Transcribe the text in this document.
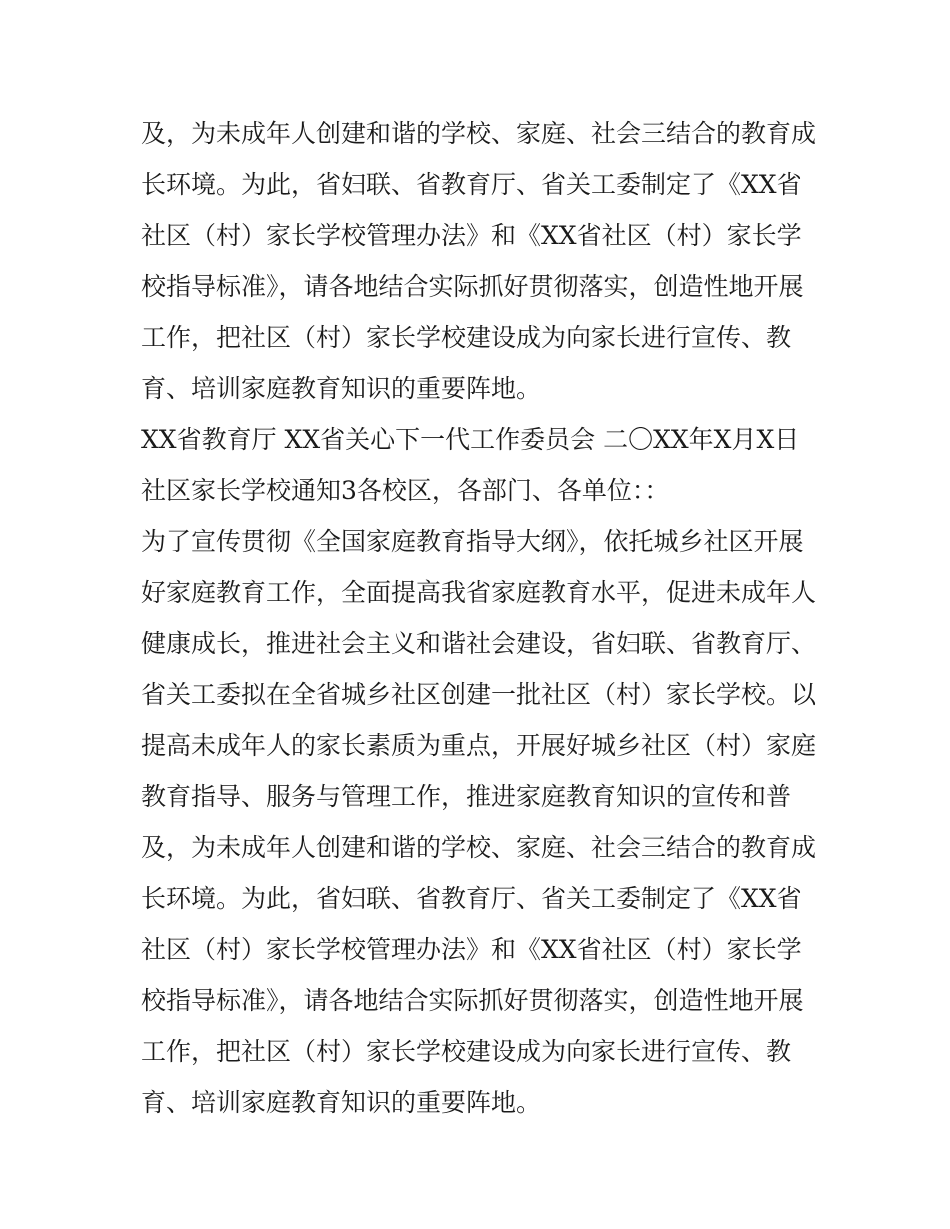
及，为未成年人创建和谐的学校、家庭、社会三结合的教育成
长环境。为此，省妇联、省教育厅、省关工委制定了《XX省
社区（村）家长学校管理办法》和《XX省社区（村）家长学
校指导标准》，请各地结合实际抓好贯彻落实，创造性地开展
工作，把社区（村）家长学校建设成为向家长进行宣传、教
育、培训家庭教育知识的重要阵地。
XX省教育厅 XX省关心下一代工作委员会 二〇XX年X月X日
社区家长学校通知3各校区，各部门、各单位：：
为了宣传贯彻《全国家庭教育指导大纲》，依托城乡社区开展
好家庭教育工作，全面提高我省家庭教育水平，促进未成年人
健康成长，推进社会主义和谐社会建设，省妇联、省教育厅、
省关工委拟在全省城乡社区创建一批社区（村）家长学校。以
提高未成年人的家长素质为重点，开展好城乡社区（村）家庭
教育指导、服务与管理工作，推进家庭教育知识的宣传和普
及，为未成年人创建和谐的学校、家庭、社会三结合的教育成
长环境。为此，省妇联、省教育厅、省关工委制定了《XX省
社区（村）家长学校管理办法》和《XX省社区（村）家长学
校指导标准》，请各地结合实际抓好贯彻落实，创造性地开展
工作，把社区（村）家长学校建设成为向家长进行宣传、教
育、培训家庭教育知识的重要阵地。
